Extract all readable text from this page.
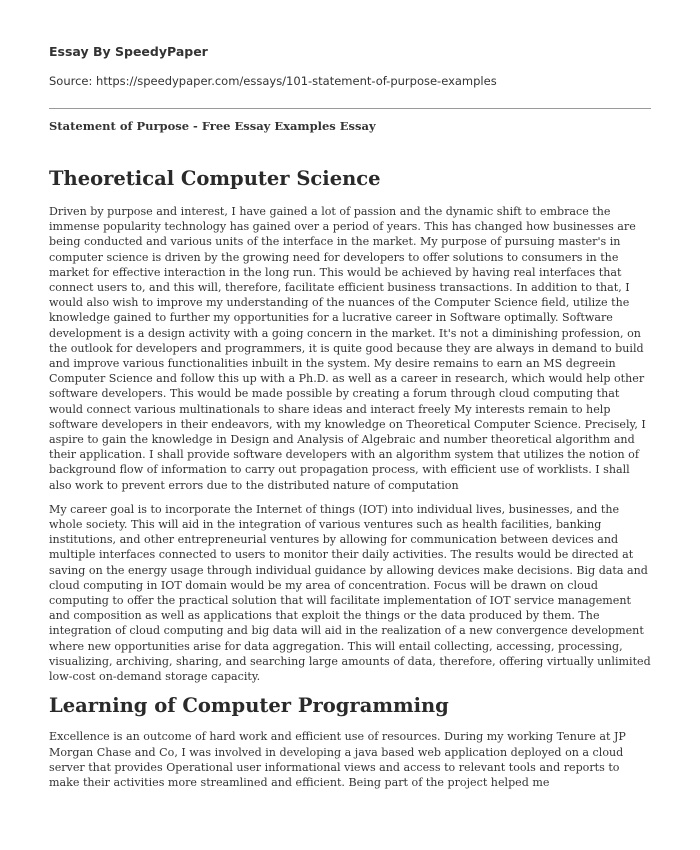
Essay By SpeedyPaper
Source: https://speedypaper.com/essays/101-statement-of-purpose-examples
Statement of Purpose - Free Essay Examples Essay
Theoretical Computer Science

Driven by purpose and interest, I have gained a lot of passion and the dynamic shift to embrace the immense popularity technology has gained over a period of years. This has changed how businesses are being conducted and various units of the interface in the market. My purpose of pursuing master's in computer science is driven by the growing need for developers to offer solutions to consumers in the market for effective interaction in the long run. This would be achieved by having real interfaces that connect users to, and this will, therefore, facilitate efficient business transactions. In addition to that, I would also wish to improve my understanding of the nuances of the Computer Science field, utilize the knowledge gained to further my opportunities for a lucrative career in Software optimally. Software development is a design activity with a going concern in the market. It's not a diminishing profession, on the outlook for developers and programmers, it is quite good because they are always in demand to build and improve various functionalities inbuilt in the system. My desire remains to earn an MS degreein Computer Science and follow this up with a Ph.D. as well as a career in research, which would help other software developers. This would be made possible by creating a forum through cloud computing that would connect various multinationals to share ideas and interact freely My interests remain to help software developers in their endeavors, with my knowledge on Theoretical Computer Science. Precisely, I aspire to gain the knowledge in Design and Analysis of Algebraic and number theoretical algorithm and their application. I shall provide software developers with an algorithm system that utilizes the notion of background flow of information to carry out propagation process, with efficient use of worklists. I shall also work to prevent errors due to the distributed nature of computation

My career goal is to incorporate the Internet of things (IOT) into individual lives, businesses, and the whole society. This will aid in the integration of various ventures such as health facilities, banking institutions, and other entrepreneurial ventures by allowing for communication between devices and multiple interfaces connected to users to monitor their daily activities. The results would be directed at saving on the energy usage through individual guidance by allowing devices make decisions. Big data and cloud computing in IOT domain would be my area of concentration. Focus will be drawn on cloud computing to offer the practical solution that will facilitate implementation of IOT service management and composition as well as applications that exploit the things or the data produced by them. The integration of cloud computing and big data will aid in the realization of a new convergence development where new opportunities arise for data aggregation. This will entail collecting, accessing, processing, visualizing, archiving, sharing, and searching large amounts of data, therefore, offering virtually unlimited low-cost on-demand storage capacity.

Learning of Computer Programming

Excellence is an outcome of hard work and efficient use of resources. During my working Tenure at JP Morgan Chase and Co, I was involved in developing a java based web application deployed on a cloud server that provides Operational user informational views and access to relevant tools and reports to make their activities more streamlined and efficient. Being part of the project helped me
